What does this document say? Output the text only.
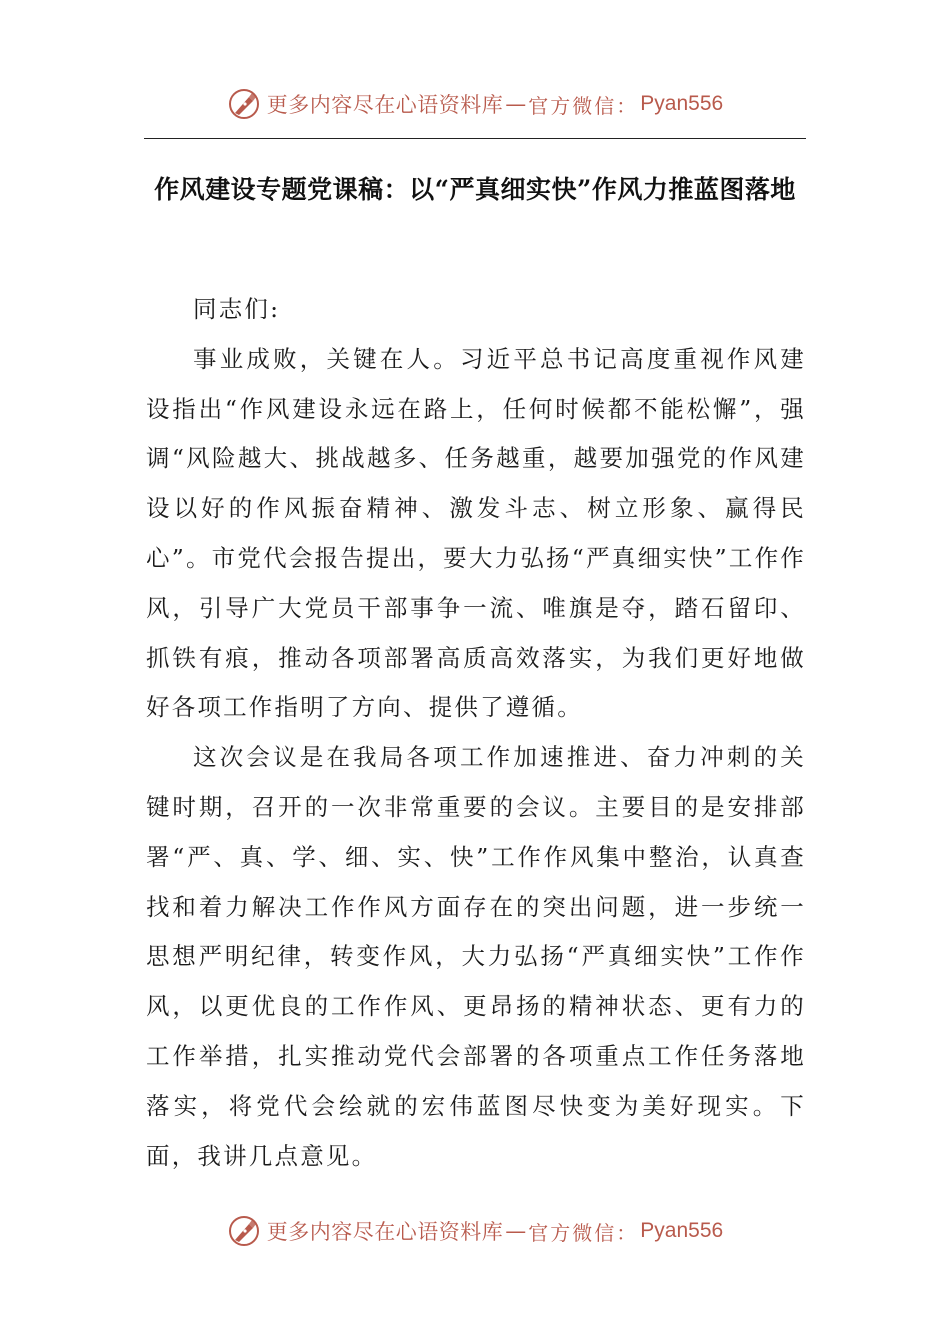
更多内容尽在心语资料库 — 官方微信： Pyan556
作风建设专题党课稿：以“严真细实快”作风力推蓝图落地

同志们:

事业成败，关键在人。习近平总书记高度重视作风建设指出“作风建设永远在路上，任何时候都不能松懈”，强调“风险越大、挑战越多、任务越重，越要加强党的作风建设以好的作风振奋精神、激发斗志、树立形象、赢得民心”。市党代会报告提出，要大力弘扬“严真细实快”工作作风，引导广大党员干部事争一流、唯旗是夺，踏石留印、抓铁有痕，推动各项部署高质高效落实，为我们更好地做好各项工作指明了方向、提供了遵循。

这次会议是在我局各项工作加速推进、奋力冲刺的关键时期，召开的一次非常重要的会议。主要目的是安排部署“严、真、学、细、实、快”工作作风集中整治，认真查找和着力解决工作作风方面存在的突出问题，进一步统一思想严明纪律，转变作风，大力弘扬“严真细实快”工作作风，以更优良的工作作风、更昂扬的精神状态、更有力的工作举措，扎实推动党代会部署的各项重点工作任务落地落实，将党代会绘就的宏伟蓝图尽快变为美好现实。下面，我讲几点意见。

更多内容尽在心语资料库 — 官方微信： Pyan556
